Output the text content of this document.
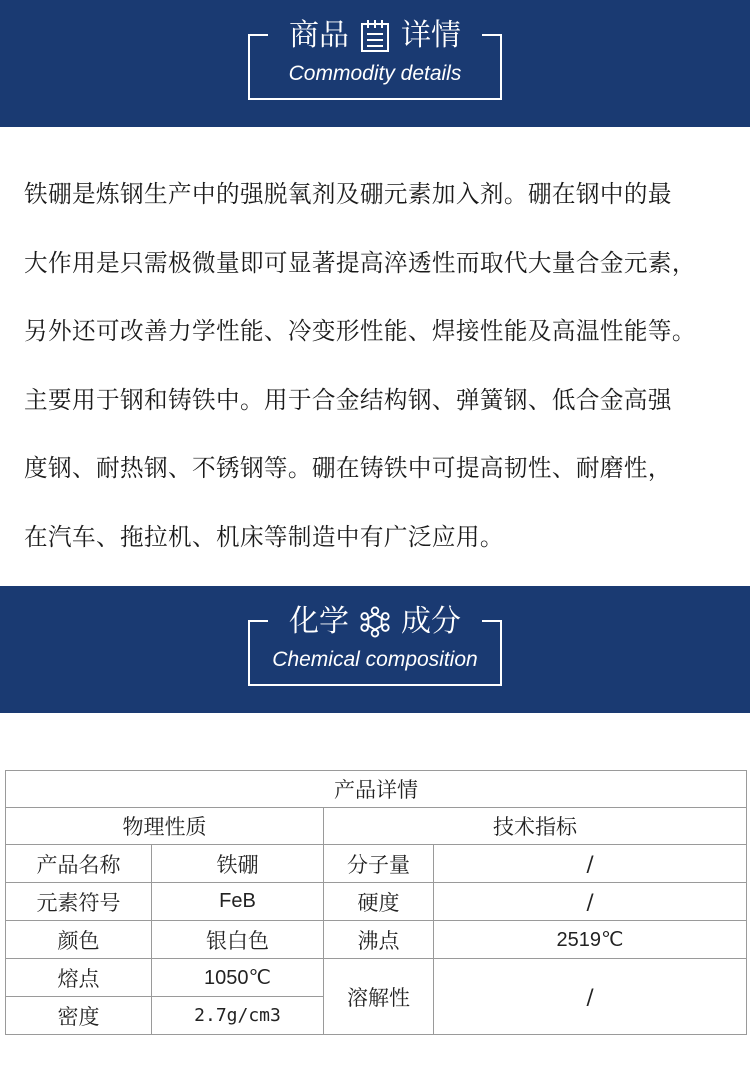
Commodity details
商品 详情
铁硼是炼钢生产中的强脱氧剂及硼元素加入剂。硼在钢中的最
大作用是只需极微量即可显著提高淬透性而取代大量合金元素，
另外还可改善力学性能、冷变形性能、焊接性能及高温性能等。
主要用于钢和铸铁中。用于合金结构钢、弹簧钢、低合金高强
度钢、耐热钢、不锈钢等。硼在铸铁中可提高韧性、耐磨性，
在汽车、拖拉机、机床等制造中有广泛应用。
Chemical composition
化学 成分
产品详情			
物理性质		技术指标	
产品名称	铁硼	分子量	/
元素符号	FeB	硬度	/
颜色	银白色	沸点	2519℃
熔点	1050℃	溶解性	/
密度	2.7g/cm3		
